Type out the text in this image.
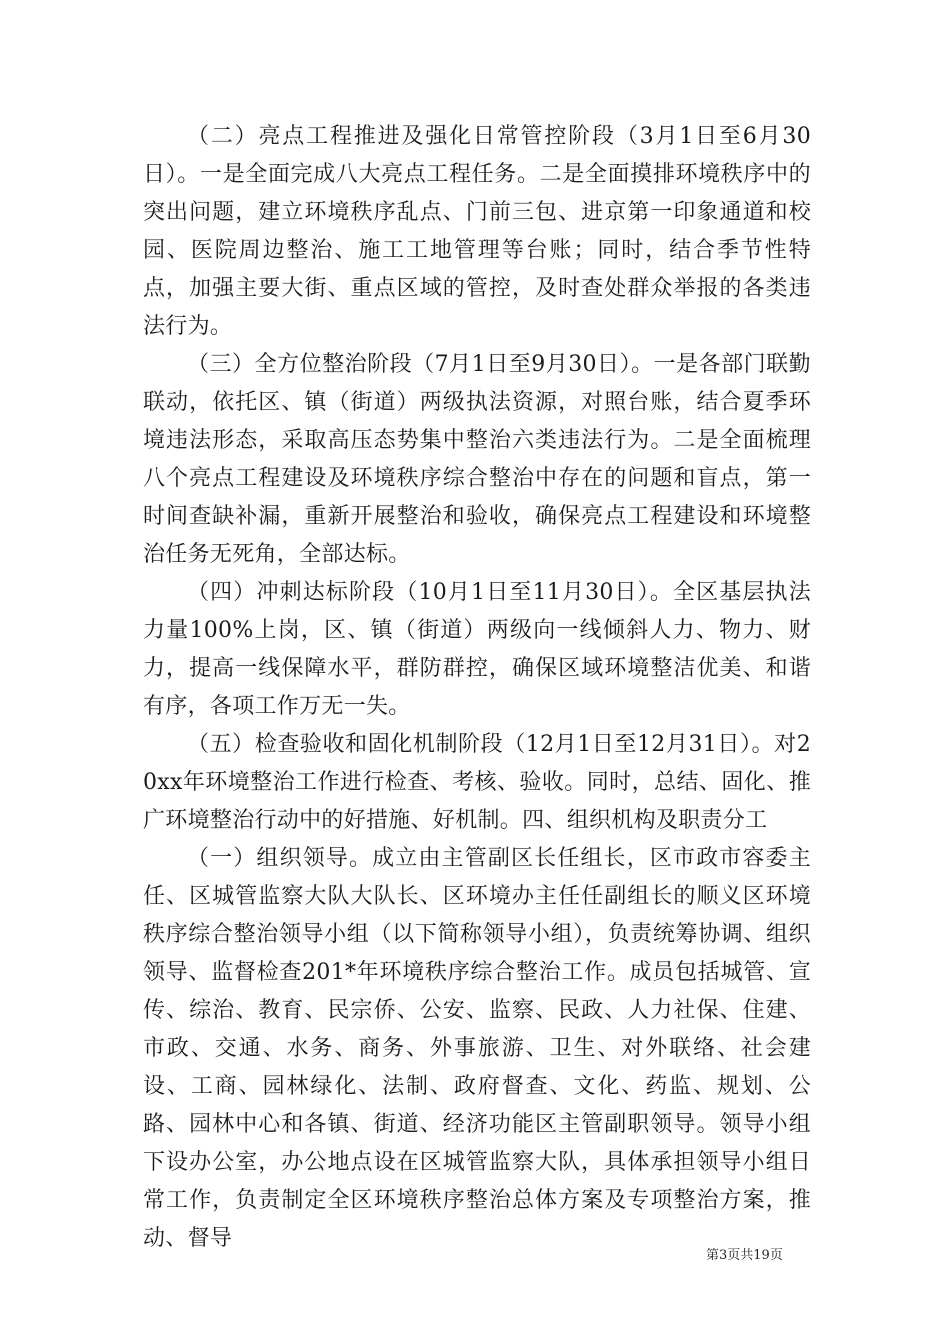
（二）亮点工程推进及强化日常管控阶段（3月1日至6月30日）。一是全面完成八大亮点工程任务。二是全面摸排环境秩序中的突出问题，建立环境秩序乱点、门前三包、进京第一印象通道和校园、医院周边整治、施工工地管理等台账；同时，结合季节性特点，加强主要大街、重点区域的管控，及时查处群众举报的各类违法行为。

（三）全方位整治阶段（7月1日至9月30日）。一是各部门联勤联动，依托区、镇（街道）两级执法资源，对照台账，结合夏季环境违法形态，采取高压态势集中整治六类违法行为。二是全面梳理八个亮点工程建设及环境秩序综合整治中存在的问题和盲点，第一时间查缺补漏，重新开展整治和验收，确保亮点工程建设和环境整治任务无死角，全部达标。

（四）冲刺达标阶段（10月1日至11月30日）。全区基层执法力量100%上岗，区、镇（街道）两级向一线倾斜人力、物力、财力，提高一线保障水平，群防群控，确保区域环境整洁优美、和谐有序，各项工作万无一失。

（五）检查验收和固化机制阶段（12月1日至12月31日）。对20xx年环境整治工作进行检查、考核、验收。同时，总结、固化、推广环境整治行动中的好措施、好机制。四、组织机构及职责分工

（一）组织领导。成立由主管副区长任组长，区市政市容委主任、区城管监察大队大队长、区环境办主任任副组长的顺义区环境秩序综合整治领导小组（以下简称领导小组），负责统筹协调、组织领导、监督检查201*年环境秩序综合整治工作。成员包括城管、宣传、综治、教育、民宗侨、公安、监察、民政、人力社保、住建、市政、交通、水务、商务、外事旅游、卫生、对外联络、社会建设、工商、园林绿化、法制、政府督查、文化、药监、规划、公路、园林中心和各镇、街道、经济功能区主管副职领导。领导小组下设办公室，办公地点设在区城管监察大队，具体承担领导小组日常工作，负责制定全区环境秩序整治总体方案及专项整治方案，推动、督导

第3页共19页
